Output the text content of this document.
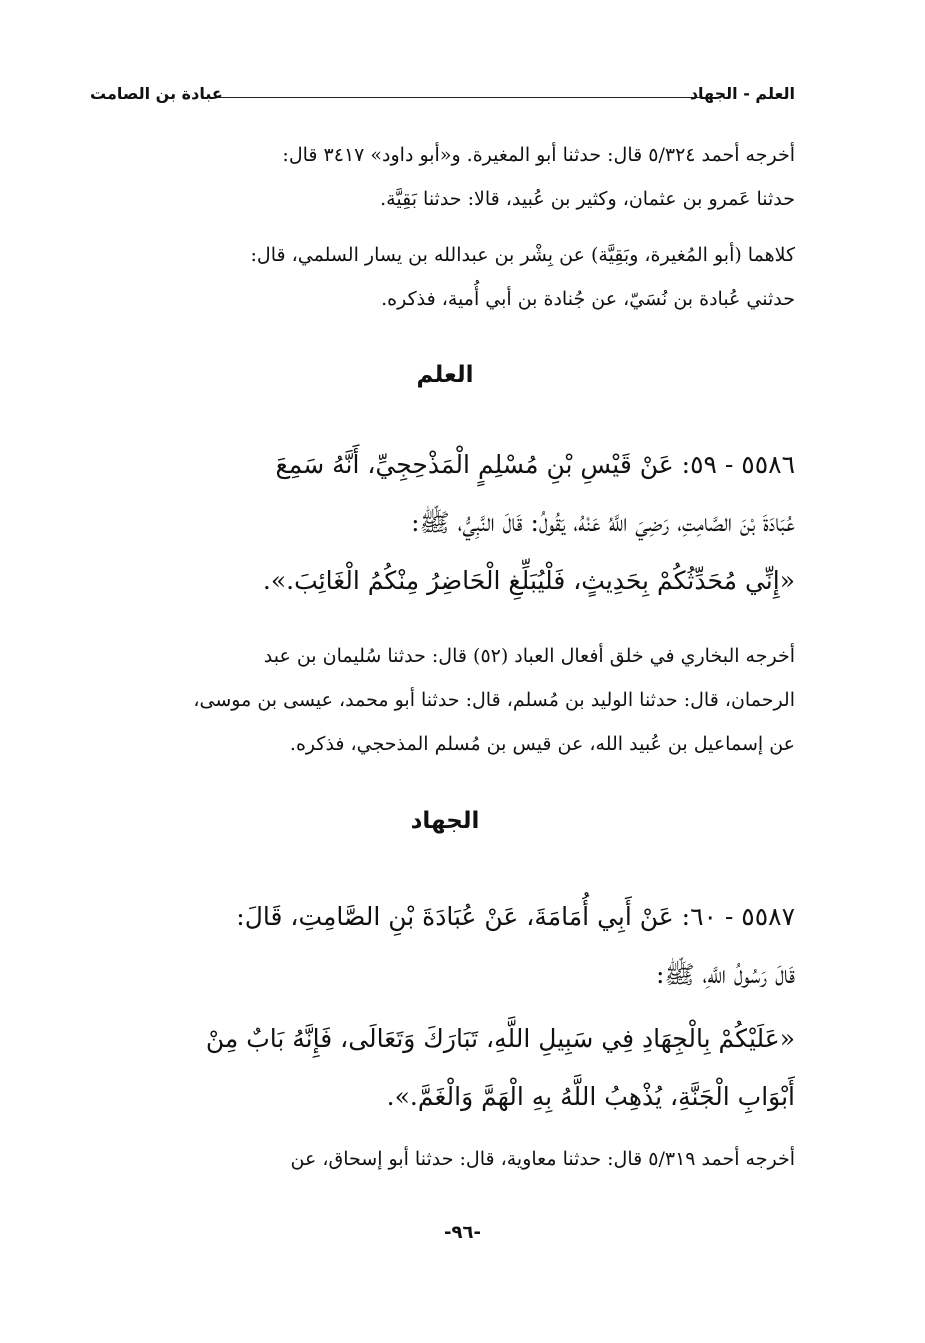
العلم - الجهاد
عبادة بن الصامت
أخرجه أحمد ٥/٣٢٤ قال: حدثنا أبو المغيرة. و«أبو داود» ٣٤١٧ قال:
حدثنا عَمرو بن عثمان، وكثير بن عُبيد، قالا: حدثنا بَقِيَّة.
كلاهما (أبو المُغيرة، وبَقِيَّة) عن بِشْر بن عبدالله بن يسار السلمي، قال:
حدثني عُبادة بن نُسَيّ، عن جُنادة بن أبي أُمية، فذكره.
العلم
٥٥٨٦ - ٥٩: عَنْ قَيْسِ بْنِ مُسْلِمٍ الْمَذْحِجِيِّ، أَنَّهُ سَمِعَ
عُبَادَةَ بْنَ الصَّامِتِ، رَضِيَ اللَّهُ عَنْهُ، يَقُولُ: قَالَ النَّبِيُّ، ﷺ:
«إِنِّي مُحَدِّثُكُمْ بِحَدِيثٍ، فَلْيُبَلِّغِ الْحَاضِرُ مِنْكُمُ الْغَائِبَ.».
أخرجه البخاري في خلق أفعال العباد (٥٢) قال: حدثنا سُليمان بن عبد
الرحمان، قال: حدثنا الوليد بن مُسلم، قال: حدثنا أبو محمد، عيسى بن موسى،
عن إسماعيل بن عُبيد الله، عن قيس بن مُسلم المذحجي، فذكره.
الجهاد
٥٥٨٧ - ٦٠: عَنْ أَبِي أُمَامَةَ، عَنْ عُبَادَةَ بْنِ الصَّامِتِ، قَالَ:
قَالَ رَسُولُ اللَّهِ، ﷺ:
«عَلَيْكُمْ بِالْجِهَادِ فِي سَبِيلِ اللَّهِ، تَبَارَكَ وَتَعَالَى، فَإِنَّهُ بَابٌ مِنْ
أَبْوَابِ الْجَنَّةِ، يُذْهِبُ اللَّهُ بِهِ الْهَمَّ وَالْغَمَّ.».
أخرجه أحمد ٥/٣١٩ قال: حدثنا معاوية، قال: حدثنا أبو إسحاق، عن
-٩٦-
